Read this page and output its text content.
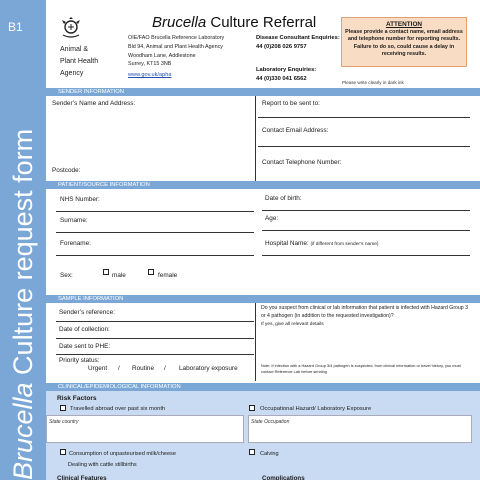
B1
Brucella Culture request form
Animal &
Plant Health
Agency
Brucella Culture Referral
OIE/FAO Brucella Reference Laboratory
Bld 94, Animal and Plant Health Agency
Woodham Lane, Addlestone
Surrey, KT15 3NB
www.gov.uk/apha
Disease Consultant Enquiries:
44 (0)208 026 9757
Laboratory Enquiries:
44 (0)330 041 6562
ATTENTION
Please provide a contact name, email address and telephone number for reporting results. Failure to do so, could cause a delay in receiving results.
Please write clearly in dark ink
SENDER INFORMATION
Sender’s Name and Address:
Postcode:
Report to be sent to:
Contact Email Address:
Contact Telephone Number:
PATIENT/SOURCE INFORMATION
NHS Number:
Surname:
Forename:
Sex:	male	female
Date of birth:
Age:
Hospital Name: (if different from sender’s name)
SAMPLE INFORMATION
Sender’s reference:
Date of collection:
Date sent to PHE:
Priority status:
Urgent / Routine / Laboratory exposure
Do you suspect from clinical or lab information that patient is infected with Hazard Group 3 or 4 pathogen (in addition to the requested investigation)?
If yes, give all relevant details
Note: If infection with a Hazard Group 3/4 pathogen is suspected, from clinical information or travel history, you must contact Reference Lab before sending
CLINICAL/EPIDEMIOLOGICAL INFORMATION
Risk Factors
Travelled abroad over past six month	Occupational Hazard/ Laboratory Exposure
State country	State Occupation
Consumption of unpasteurised milk/cheese	Calving
Dealing with cattle stillbirths
Clinical Features	Complications
